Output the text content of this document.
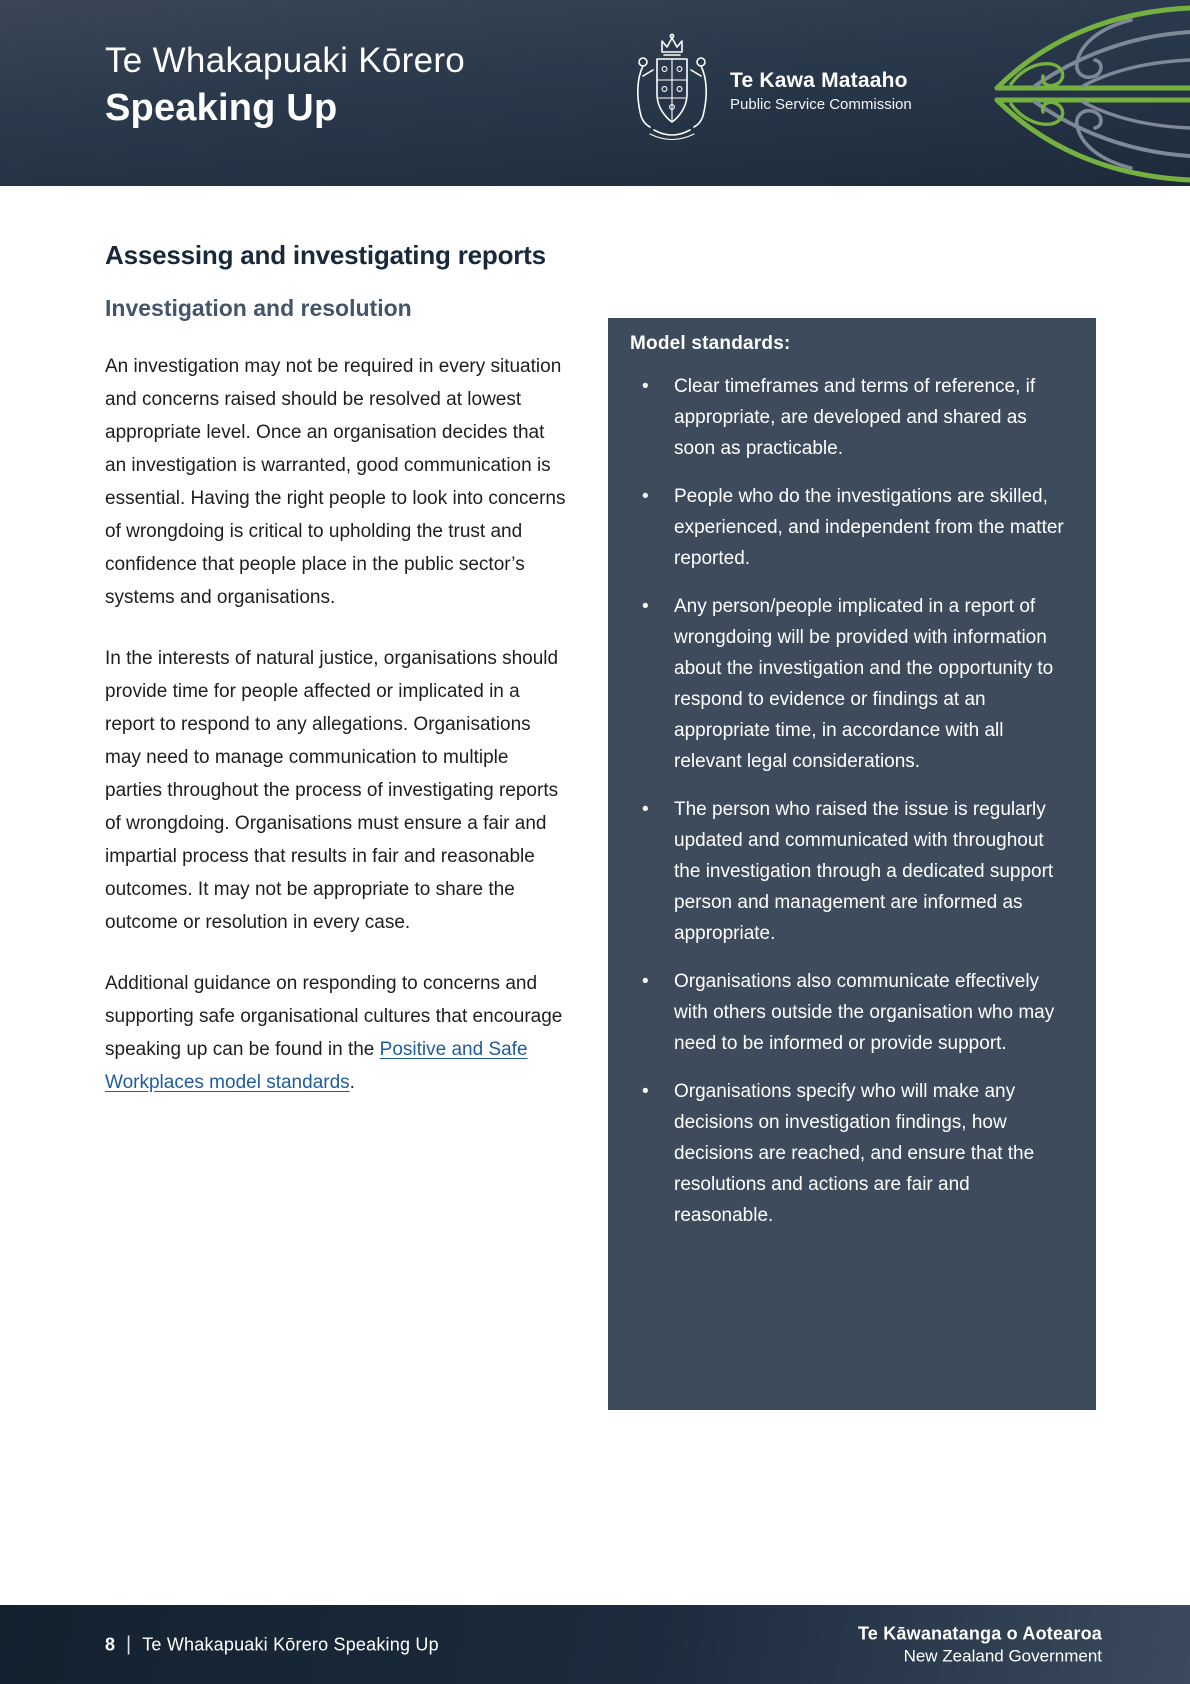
Te Whakapuaki Kōrero
Speaking Up
Te Kawa Mataaho
Public Service Commission
Assessing and investigating reports
Investigation and resolution

An investigation may not be required in every situation and concerns raised should be resolved at lowest appropriate level. Once an organisation decides that an investigation is warranted, good communication is essential. Having the right people to look into concerns of wrongdoing is critical to upholding the trust and confidence that people place in the public sector’s systems and organisations.

In the interests of natural justice, organisations should provide time for people affected or implicated in a report to respond to any allegations. Organisations may need to manage communication to multiple parties throughout the process of investigating reports of wrongdoing. Organisations must ensure a fair and impartial process that results in fair and reasonable outcomes. It may not be appropriate to share the outcome or resolution in every case.

Additional guidance on responding to concerns and supporting safe organisational cultures that encourage speaking up can be found in the Positive and Safe Workplaces model standards.

Model standards:
• Clear timeframes and terms of reference, if appropriate, are developed and shared as soon as practicable.
• People who do the investigations are skilled, experienced, and independent from the matter reported.
• Any person/people implicated in a report of wrongdoing will be provided with information about the investigation and the opportunity to respond to evidence or findings at an appropriate time, in accordance with all relevant legal considerations.
• The person who raised the issue is regularly updated and communicated with throughout the investigation through a dedicated support person and management are informed as appropriate.
• Organisations also communicate effectively with others outside the organisation who may need to be informed or provide support.
• Organisations specify who will make any decisions on investigation findings, how decisions are reached, and ensure that the resolutions and actions are fair and reasonable.
8 | Te Whakapuaki Kōrero Speaking Up
Te Kāwanatanga o Aotearoa
New Zealand Government
